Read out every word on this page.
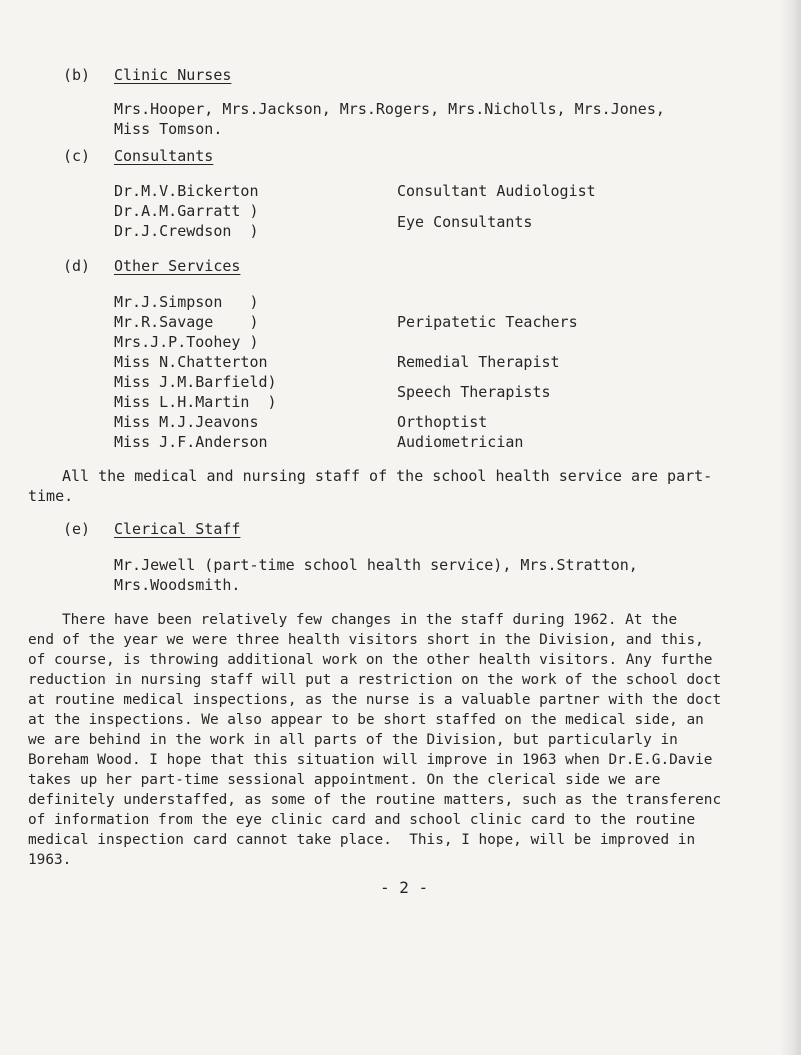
(b) Clinic Nurses
Mrs.Hooper, Mrs.Jackson, Mrs.Rogers, Mrs.Nicholls, Mrs.Jones,
Miss Tomson.
(c) Consultants
Dr.M.V.Bickerton
Dr.A.M.Garratt )
Dr.J.Crewdson  )
Consultant Audiologist
Eye Consultants
(d) Other Services
Mr.J.Simpson   )
Mr.R.Savage    )
Mrs.J.P.Toohey )
Miss N.Chatterton
Miss J.M.Barfield)
Miss L.H.Martin  )
Miss M.J.Jeavons
Miss J.F.Anderson
Peripatetic Teachers
Remedial Therapist
Speech Therapists
Orthoptist
Audiometrician
All the medical and nursing staff of the school health service are part-
time.
(e) Clerical Staff
Mr.Jewell (part-time school health service), Mrs.Stratton,
Mrs.Woodsmith.
There have been relatively few changes in the staff during 1962. At the
end of the year we were three health visitors short in the Division, and this,
of course, is throwing additional work on the other health visitors. Any furthe
reduction in nursing staff will put a restriction on the work of the school doct
at routine medical inspections, as the nurse is a valuable partner with the doct
at the inspections. We also appear to be short staffed on the medical side, an
we are behind in the work in all parts of the Division, but particularly in
Boreham Wood. I hope that this situation will improve in 1963 when Dr.E.G.Davie
takes up her part-time sessional appointment. On the clerical side we are
definitely understaffed, as some of the routine matters, such as the transferenc
of information from the eye clinic card and school clinic card to the routine
medical inspection card cannot take place.  This, I hope, will be improved in
1963.
- 2 -
